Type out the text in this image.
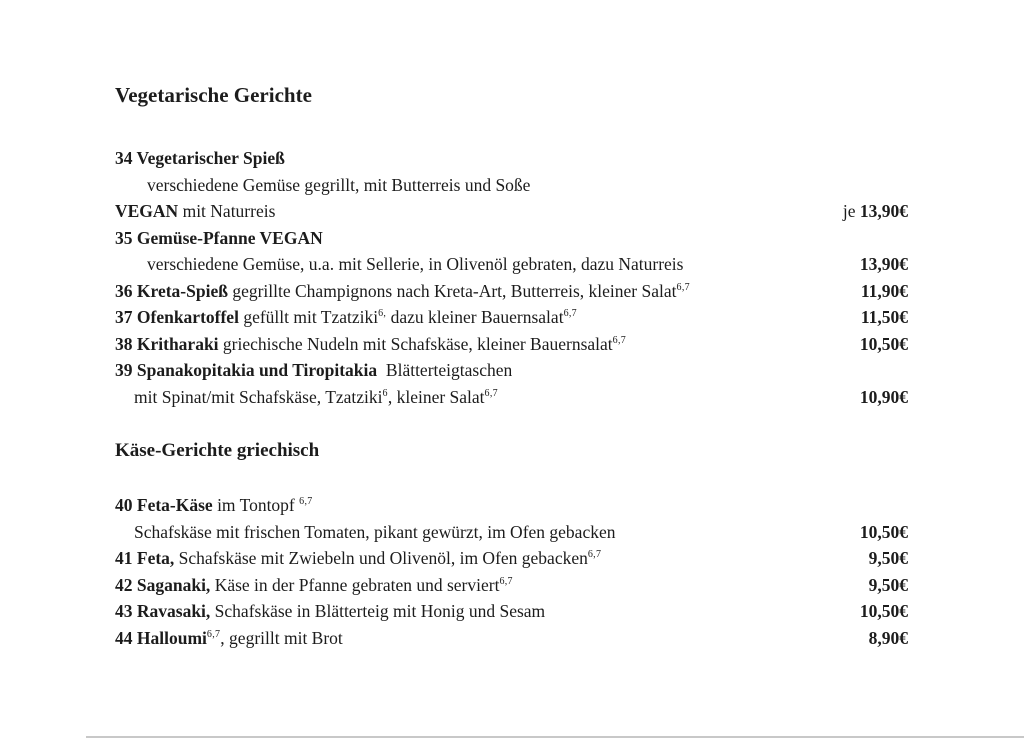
Vegetarische Gerichte
34 Vegetarischer Spieß
verschiedene Gemüse gegrillt, mit Butterreis und Soße
VEGAN mit Naturreis	je 13,90€
35 Gemüse-Pfanne VEGAN
verschiedene Gemüse, u.a. mit Sellerie, in Olivenöl gebraten, dazu Naturreis	13,90€
36 Kreta-Spieß gegrillte Champignons nach Kreta-Art, Butterreis, kleiner Salat$^{6,7}$	11,90€
37 Ofenkartoffel gefüllt mit Tzatziki$^{6,}$ dazu kleiner Bauernsalat$^{6,7}$	11,50€
38 Kritharaki griechische Nudeln mit Schafskäse, kleiner Bauernsalat$^{6,7}$	10,50€
39 Spanakopitakia und Tiropitakia  Blätterteigtaschen
mit Spinat/mit Schafskäse, Tzatziki$^6$, kleiner Salat$^{6,7}$	10,90€
Käse-Gerichte griechisch
40 Feta-Käse im Tontopf $^{6,7}$
Schafskäse mit frischen Tomaten, pikant gewürzt, im Ofen gebacken	10,50€
41 Feta, Schafskäse mit Zwiebeln und Olivenöl, im Ofen gebacken$^{6,7}$	9,50€
42 Saganaki, Käse in der Pfanne gebraten und serviert$^{6,7}$	9,50€
43 Ravasaki, Schafskäse in Blätterteig mit Honig und Sesam	10,50€
44 Halloumi$^{6,7}$, gegrillt mit Brot	8,90€
